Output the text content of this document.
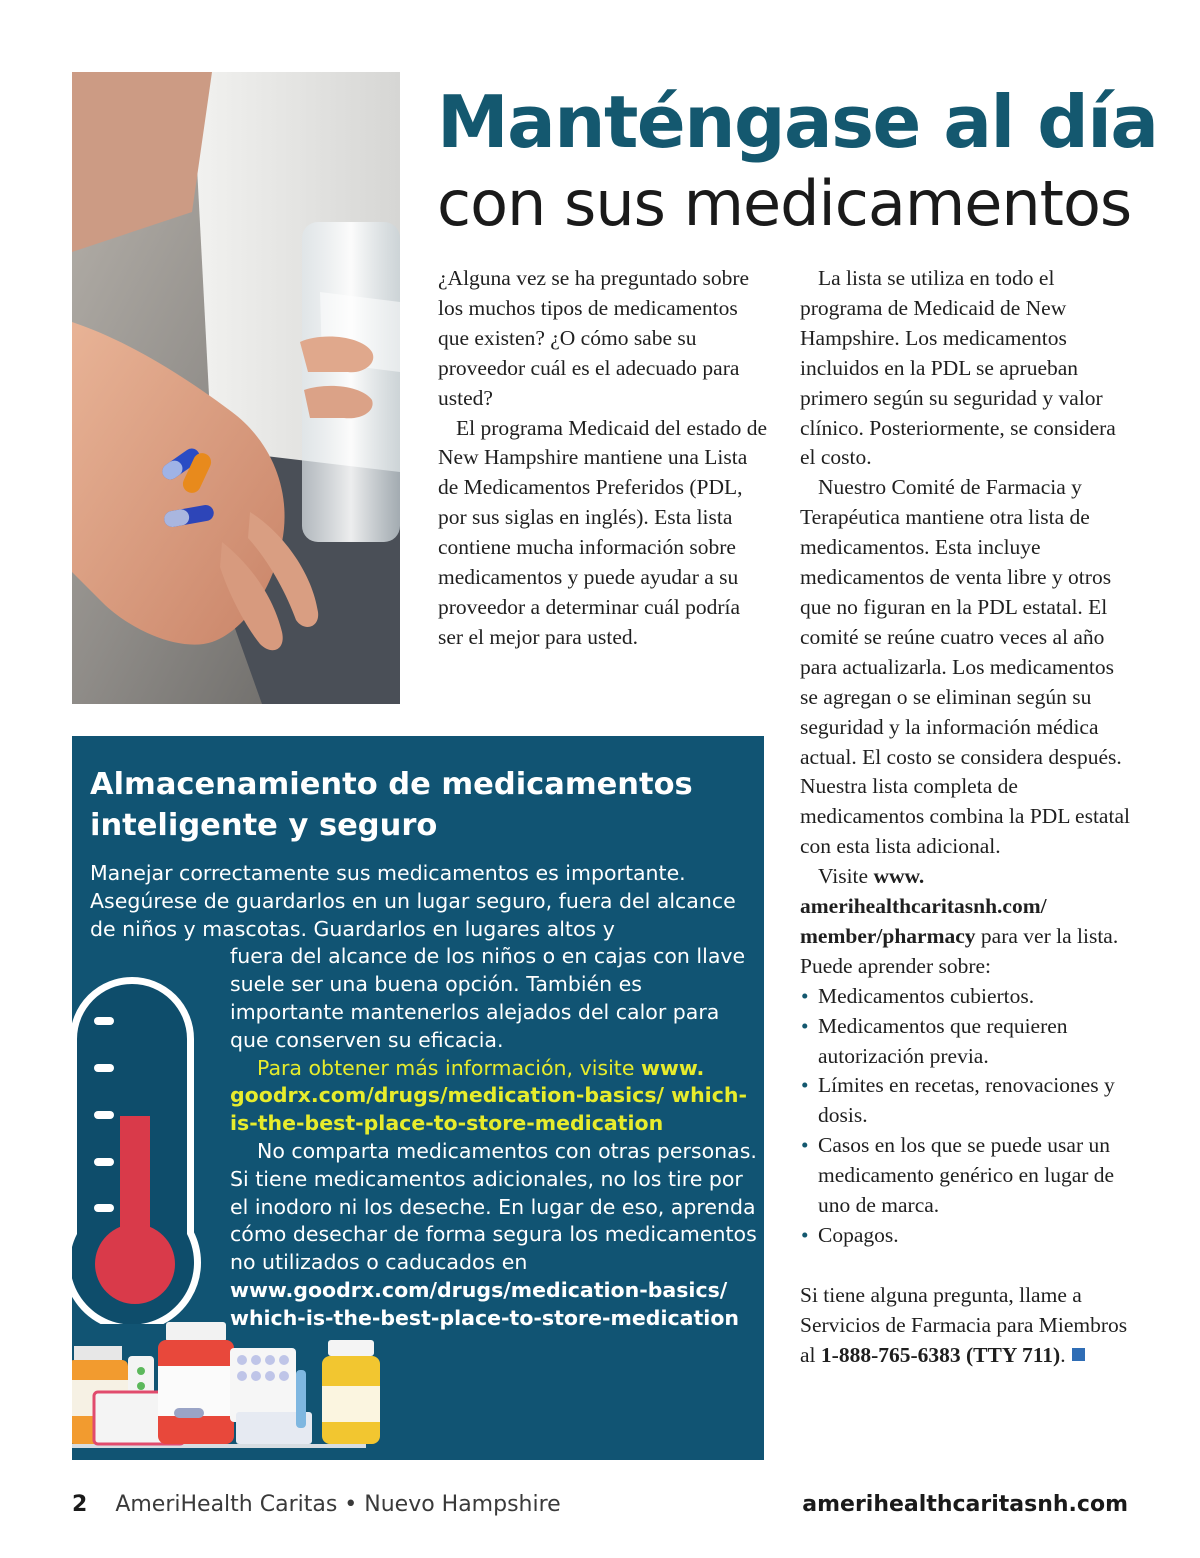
Manténgase al día
con sus medicamentos

¿Alguna vez se ha preguntado sobre los muchos tipos de medicamentos que existen? ¿O cómo sabe su proveedor cuál es el adecuado para usted?

El programa Medicaid del estado de New Hampshire mantiene una Lista de Medicamentos Preferidos (PDL, por sus siglas en inglés). Esta lista contiene mucha información sobre medicamentos y puede ayudar a su proveedor a determinar cuál podría ser el mejor para usted.

La lista se utiliza en todo el programa de Medicaid de New Hampshire. Los medicamentos incluidos en la PDL se aprueban primero según su seguridad y valor clínico. Posteriormente, se considera el costo.

Nuestro Comité de Farmacia y Terapéutica mantiene otra lista de medicamentos. Esta incluye medicamentos de venta libre y otros que no figuran en la PDL estatal. El comité se reúne cuatro veces al año para actualizarla. Los medicamentos se agregan o se eliminan según su seguridad y la información médica actual. El costo se considera después. Nuestra lista completa de medicamentos combina la PDL estatal con esta lista adicional.

Visite www. amerihealthcaritasnh.com/ member/pharmacy para ver la lista. Puede aprender sobre:

• Medicamentos cubiertos.
• Medicamentos que requieren autorización previa.
• Límites en recetas, renovaciones y dosis.
• Casos en los que se puede usar un medicamento genérico en lugar de uno de marca.
• Copagos.

Si tiene alguna pregunta, llame a Servicios de Farmacia para Miembros al 1-888-765-6383 (TTY 711).

Almacenamiento de medicamentos inteligente y seguro

Manejar correctamente sus medicamentos es importante. Asegúrese de guardarlos en un lugar seguro, fuera del alcance de niños y mascotas. Guardarlos en lugares altos y

fuera del alcance de los niños o en cajas con llave suele ser una buena opción. También es importante mantenerlos alejados del calor para que conserven su eficacia.

Para obtener más información, visite www. goodrx.com/drugs/medication-basics/ which-is-the-best-place-to-store-medication

No comparta medicamentos con otras personas. Si tiene medicamentos adicionales, no los tire por el inodoro ni los deseche. En lugar de eso, aprenda cómo desechar de forma segura los medicamentos no utilizados o caducados en www.goodrx.com/drugs/medication-basics/ which-is-the-best-place-to-store-medication

2 AmeriHealth Caritas • Nuevo Hampshire	amerihealthcaritasnh.com
